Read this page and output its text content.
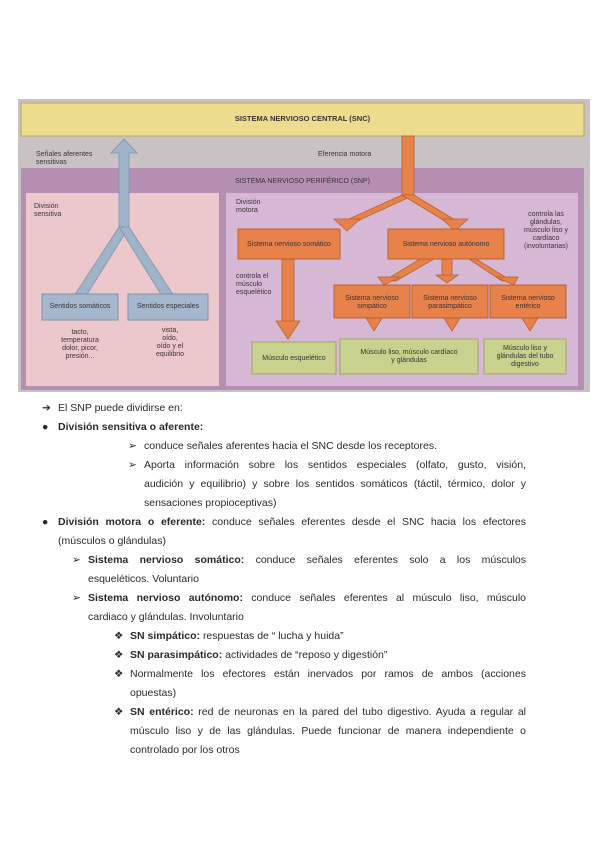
SISTEMA NERVIOSO CENTRAL (SNC)
Señales aferentes
sensitivas
Eferencia motora
SISTEMA NERVIOSO PERIFÉRICO (SNP)
División
sensitiva
División
motora
Sentidos somáticos	Sentidos especiales
tacto,
temperatura
dolor, picor,
presión...
vista,
oído,
oído y el
equilibrio
Sistema nervioso somático	Sistema nervioso autónomo
controla el
músculo
esquelético
controla las
glándulas,
músculo liso y
cardíaco
(involuntarias)
Sistema nervioso
simpático
Sistema nervioso
parasimpático
Sistema nervioso
entérico
Músculo esquelético
Músculo liso, músculo cardíaco
y glándulas
Músculo liso y
glándulas del tubo
digestivo
➔ El SNP puede dividirse en:
● División sensitiva o aferente:
➢ conduce señales aferentes hacia el SNC desde los receptores.
➢ Aporta información sobre los sentidos especiales (olfato, gusto, visión,
audición y equilibrio) y sobre los sentidos somáticos (táctil, térmico, dolor y
sensaciones propioceptivas)
● División motora o eferente: conduce señales eferentes desde el SNC hacia los efectores
(músculos o glándulas)
➢ Sistema nervioso somático: conduce señales eferentes solo a los músculos
esqueléticos. Voluntario
➢ Sistema nervioso autónomo: conduce señales eferentes al músculo liso, músculo
cardiaco y glándulas. Involuntario
❖ SN simpático: respuestas de “ lucha y huida”
❖ SN parasimpático: actividades de “reposo y digestión”
❖ Normalmente los efectores están inervados por ramos de ambos (acciones
opuestas)
❖ SN entérico: red de neuronas en la pared del tubo digestivo. Ayuda a regular al
músculo liso y de las glándulas. Puede funcionar de manera independiente o
controlado por los otros
